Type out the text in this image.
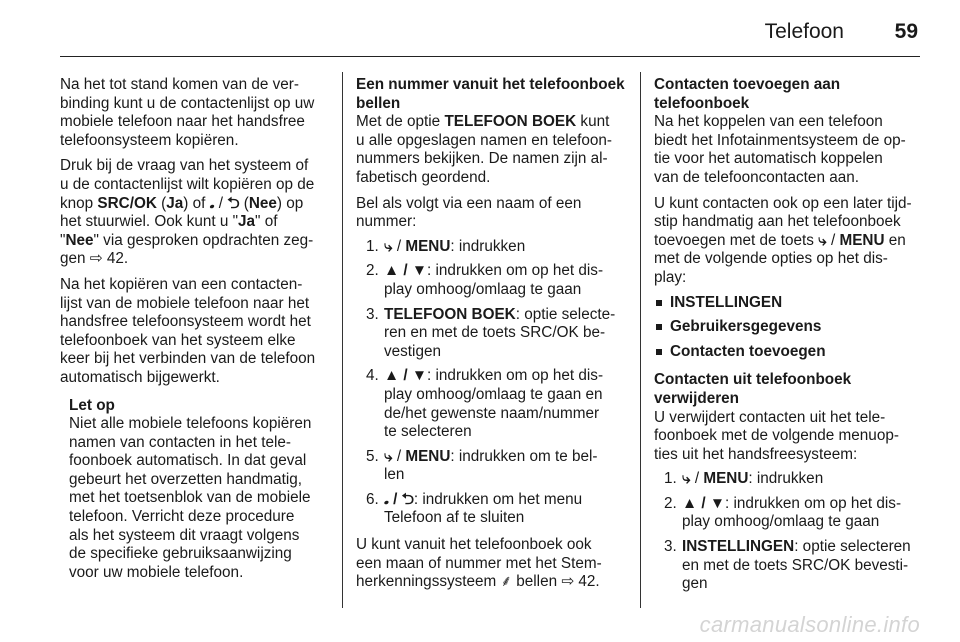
Telefoon 59

Na het tot stand komen van de ver-
binding kunt u de contactenlijst op uw
mobiele telefoon naar het handsfree
telefoonsysteem kopiëren.

Druk bij de vraag van het systeem of
u de contactenlijst wilt kopiëren op de
knop SRC/OK (Ja) of 𝅘 / ⮌ (Nee) op
het stuurwiel. Ook kunt u "Ja" of
"Nee" via gesproken opdrachten zeg-
gen ⇨ 42.

Na het kopiëren van een contacten-
lijst van de mobiele telefoon naar het
handsfree telefoonsysteem wordt het
telefoonboek van het systeem elke
keer bij het verbinden van de telefoon
automatisch bijgewerkt.

Let op
Niet alle mobiele telefoons kopiëren
namen van contacten in het tele-
foonboek automatisch. In dat geval
gebeurt het overzetten handmatig,
met het toetsenblok van de mobiele
telefoon. Verricht deze procedure
als het systeem dit vraagt volgens
de specifieke gebruiksaanwijzing
voor uw mobiele telefoon.

Een nummer vanuit het telefoonboek
bellen

Met de optie TELEFOON BOEK kunt
u alle opgeslagen namen en telefoon-
nummers bekijken. De namen zijn al-
fabetisch geordend.

Bel als volgt via een naam of een
nummer:

1. ⤷ / MENU: indrukken
2. ▲ / ▼: indrukken om op het dis-
play omhoog/omlaag te gaan
3. TELEFOON BOEK: optie selecte-
ren en met de toets SRC/OK be-
vestigen
4. ▲ / ▼: indrukken om op het dis-
play omhoog/omlaag te gaan en
de/het gewenste naam/nummer
te selecteren
5. ⤷ / MENU: indrukken om te bel-
len
6. 𝅘 / ⮌: indrukken om het menu
Telefoon af te sluiten

U kunt vanuit het telefoonboek ook
een maan of nummer met het Stem-
herkenningssysteem ⸙ bellen ⇨ 42.

Contacten toevoegen aan
telefoonboek

Na het koppelen van een telefoon
biedt het Infotainmentsysteem de op-
tie voor het automatisch koppelen
van de telefooncontacten aan.

U kunt contacten ook op een later tijd-
stip handmatig aan het telefoonboek
toevoegen met de toets ⤷ / MENU en
met de volgende opties op het dis-
play:

INSTELLINGEN
Gebruikersgegevens
Contacten toevoegen

Contacten uit telefoonboek
verwijderen

U verwijdert contacten uit het tele-
foonboek met de volgende menuop-
ties uit het handsfreesysteem:

1. ⤷ / MENU: indrukken
2. ▲ / ▼: indrukken om op het dis-
play omhoog/omlaag te gaan
3. INSTELLINGEN: optie selecteren
en met de toets SRC/OK bevesti-
gen
carmanualsonline.info
